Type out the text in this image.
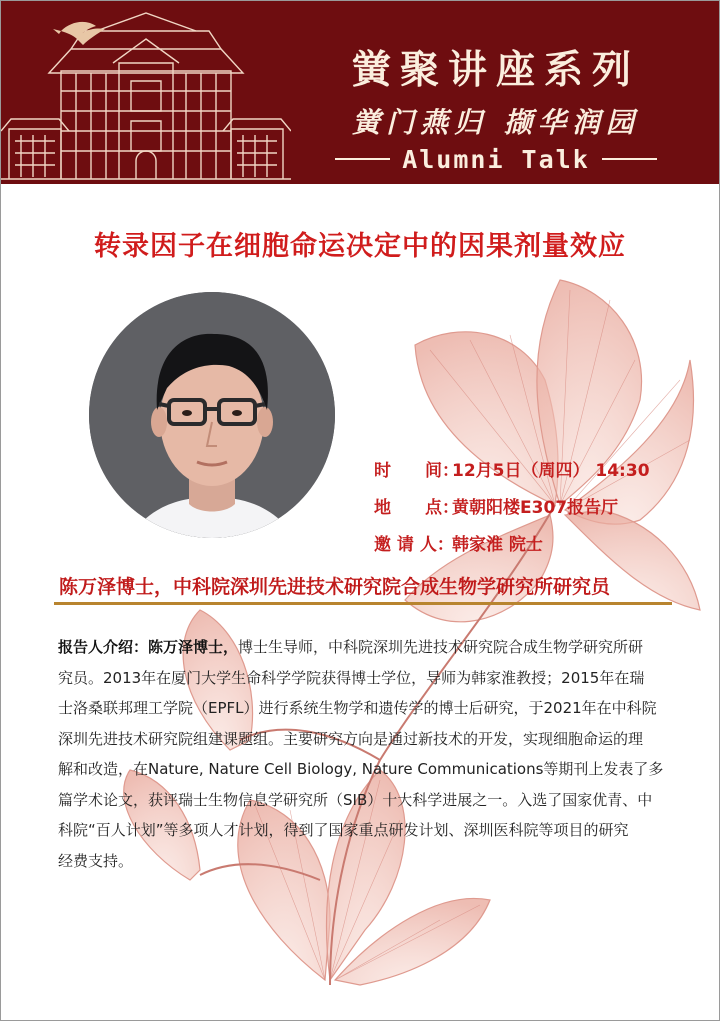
黉聚讲座系列
黉门燕归 撷华润园
Alumni Talk
转录因子在细胞命运决定中的因果剂量效应
时　　间：
12月5日（周四） 14:30
地　　点：
黄朝阳楼E307报告厅
邀 请 人：
韩家淮 院士
陈万泽博士，中科院深圳先进技术研究院合成生物学研究所研究员
报告人介绍：陈万泽博士，博士生导师，中科院深圳先进技术研究院合成生物学研究所研
究员。2013年在厦门大学生命科学学院获得博士学位，导师为韩家淮教授；2015年在瑞
士洛桑联邦理工学院（EPFL）进行系统生物学和遗传学的博士后研究，于2021年在中科院
深圳先进技术研究院组建课题组。主要研究方向是通过新技术的开发，实现细胞命运的理
解和改造，在Nature, Nature Cell Biology, Nature Communications等期刊上发表了多
篇学术论文，获评瑞士生物信息学研究所（SIB）十大科学进展之一。入选了国家优青、中
科院“百人计划”等多项人才计划，得到了国家重点研发计划、深圳医科院等项目的研究
经费支持。
